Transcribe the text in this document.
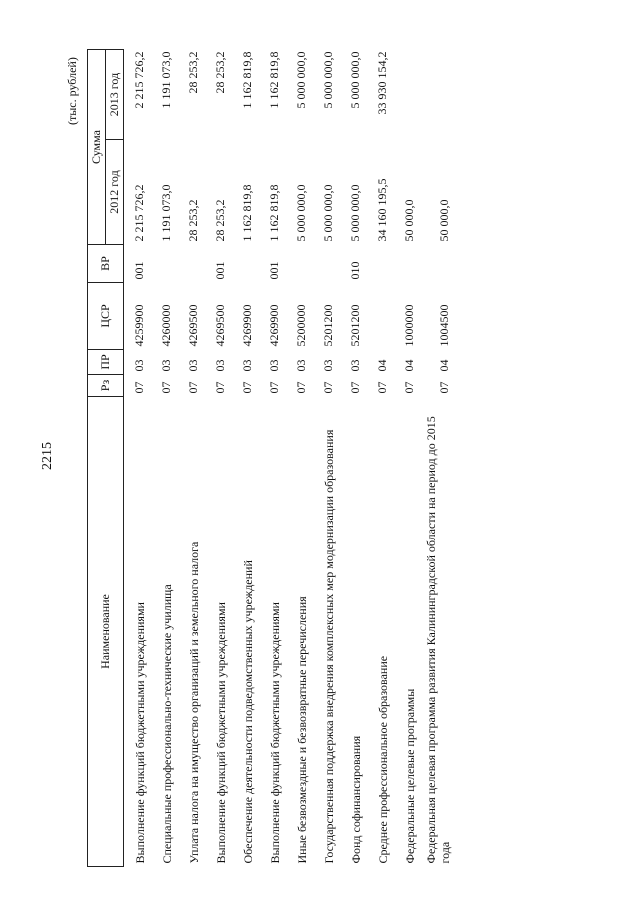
2215
(тыс. рублей)
Наименование	Рз	ПР	ЦСР	ВР	Сумма	
					2012 год	2013 год
Выполнение функций бюджетными учреждениями	07	03	4259900	001	2 215 726,2	2 215 726,2
Специальные профессионально-технические училища	07	03	4260000		1 191 073,0	1 191 073,0
Уплата налога на имущество организаций и земельного налога	07	03	4269500		28 253,2	28 253,2
Выполнение функций бюджетными учреждениями	07	03	4269500	001	28 253,2	28 253,2
Обеспечение деятельности подведомственных учреждений	07	03	4269900		1 162 819,8	1 162 819,8
Выполнение функций бюджетными учреждениями	07	03	4269900	001	1 162 819,8	1 162 819,8
Иные безвозмездные и безвозвратные перечисления	07	03	5200000		5 000 000,0	5 000 000,0
Государственная поддержка внедрения комплексных мер модернизации образования	07	03	5201200		5 000 000,0	5 000 000,0
Фонд софинансирования	07	03	5201200	010	5 000 000,0	5 000 000,0
Среднее профессиональное образование	07	04			34 160 195,5	33 930 154,2
Федеральные целевые программы	07	04	1000000		50 000,0	
Федеральная целевая программа развития Калининградской области на период до 2015 года	07	04	1004500		50 000,0	
